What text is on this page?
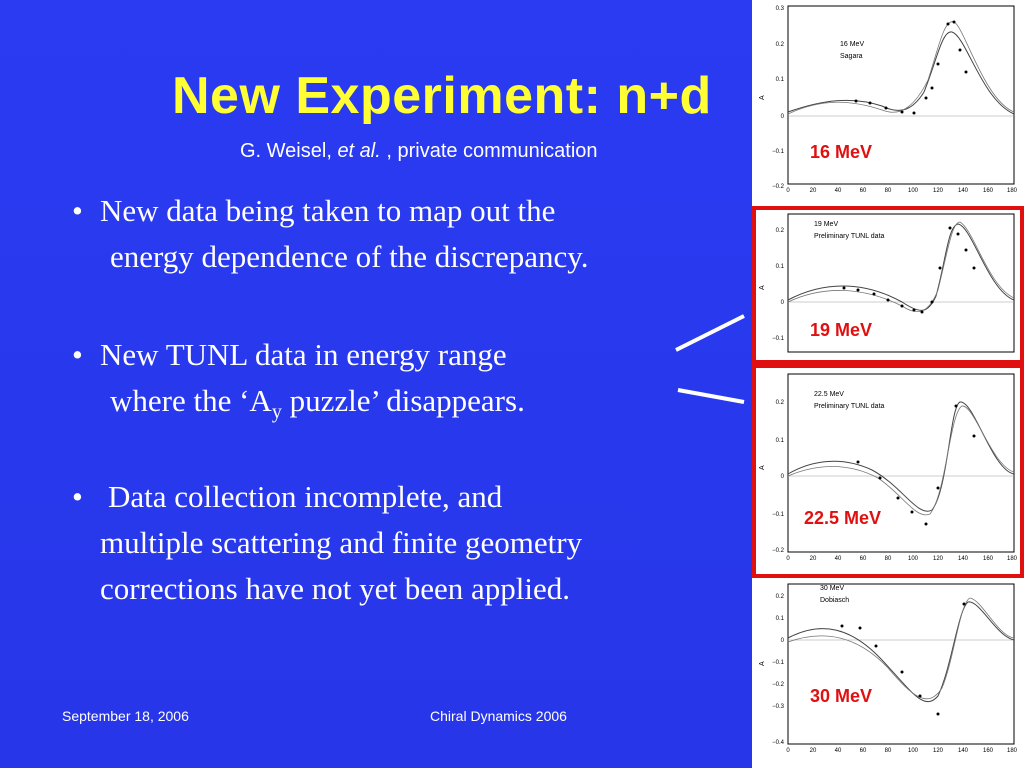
New Experiment: n+d
G. Weisel, et al. , private communication
• New data being taken to map out the
energy dependence of the discrepancy.
• New TUNL data in energy range
where the ‘$A_y$ puzzle’ disappears.
• Data collection incomplete, and
multiple scattering and finite geometry
corrections have not yet been applied.
September 18, 2006	Chiral Dynamics 2006
16 MeV
Sagara
0.3
0.2
0.1
0
−0.1
−0.2
0	20	40	60	80	100 120 140 160 180
A
16 MeV
19 MeV
Preliminary TUNL data
0.2
0.1
0
−0.1
A
19 MeV
22.5 MeV
Preliminary TUNL data
0.2
0.1
0
−0.1
−0.2
0	20	40	60	80	100 120 140 160 180
A
22.5 MeV
30 MeV
Dobiasch
0.2
0.1
0
−0.1
−0.2
−0.3
−0.4
0	20	40	60	80	100 120 140 160 180
A
30 MeV
